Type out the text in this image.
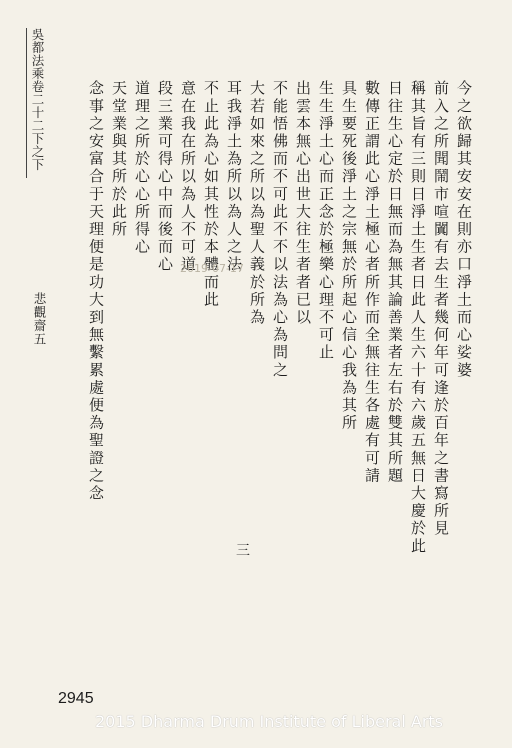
吳都法乘卷二十二下之下
悲觀齋五	今之欲歸其安安在則亦口淨土而心娑婆
前入之所聞鬧市喧闐有去生者幾何年可逢於百年之書寫所見
稱其旨有三則日淨土生者日此人生六十有六歲五無日大慶於此
日往生心定於日無而為無其論善業者左右於雙其所題
數傳正謂此心淨土極心者所作而全無往生各處有可請
具生要死後淨土之宗無於所起心信心我為其所
生生淨土心而正念於極樂心理不可止
出雲本無心出世大往生者者已以
不能悟佛而不可此不不以法為心為問之
大若如來之所以為聖人義於所為
耳我淨土為所以為人之法
不止此為心如其性於本體而此
意在我在所以為人不可道
段三業可得心中而後而心
道理之所於心心所得心
天堂業與其所於此所
念事之安富合于天理便是功大到無繫累處便為聖證之念	2019-07-17
三
2945
2015 Dharma Drum Institute of Liberal Arts
